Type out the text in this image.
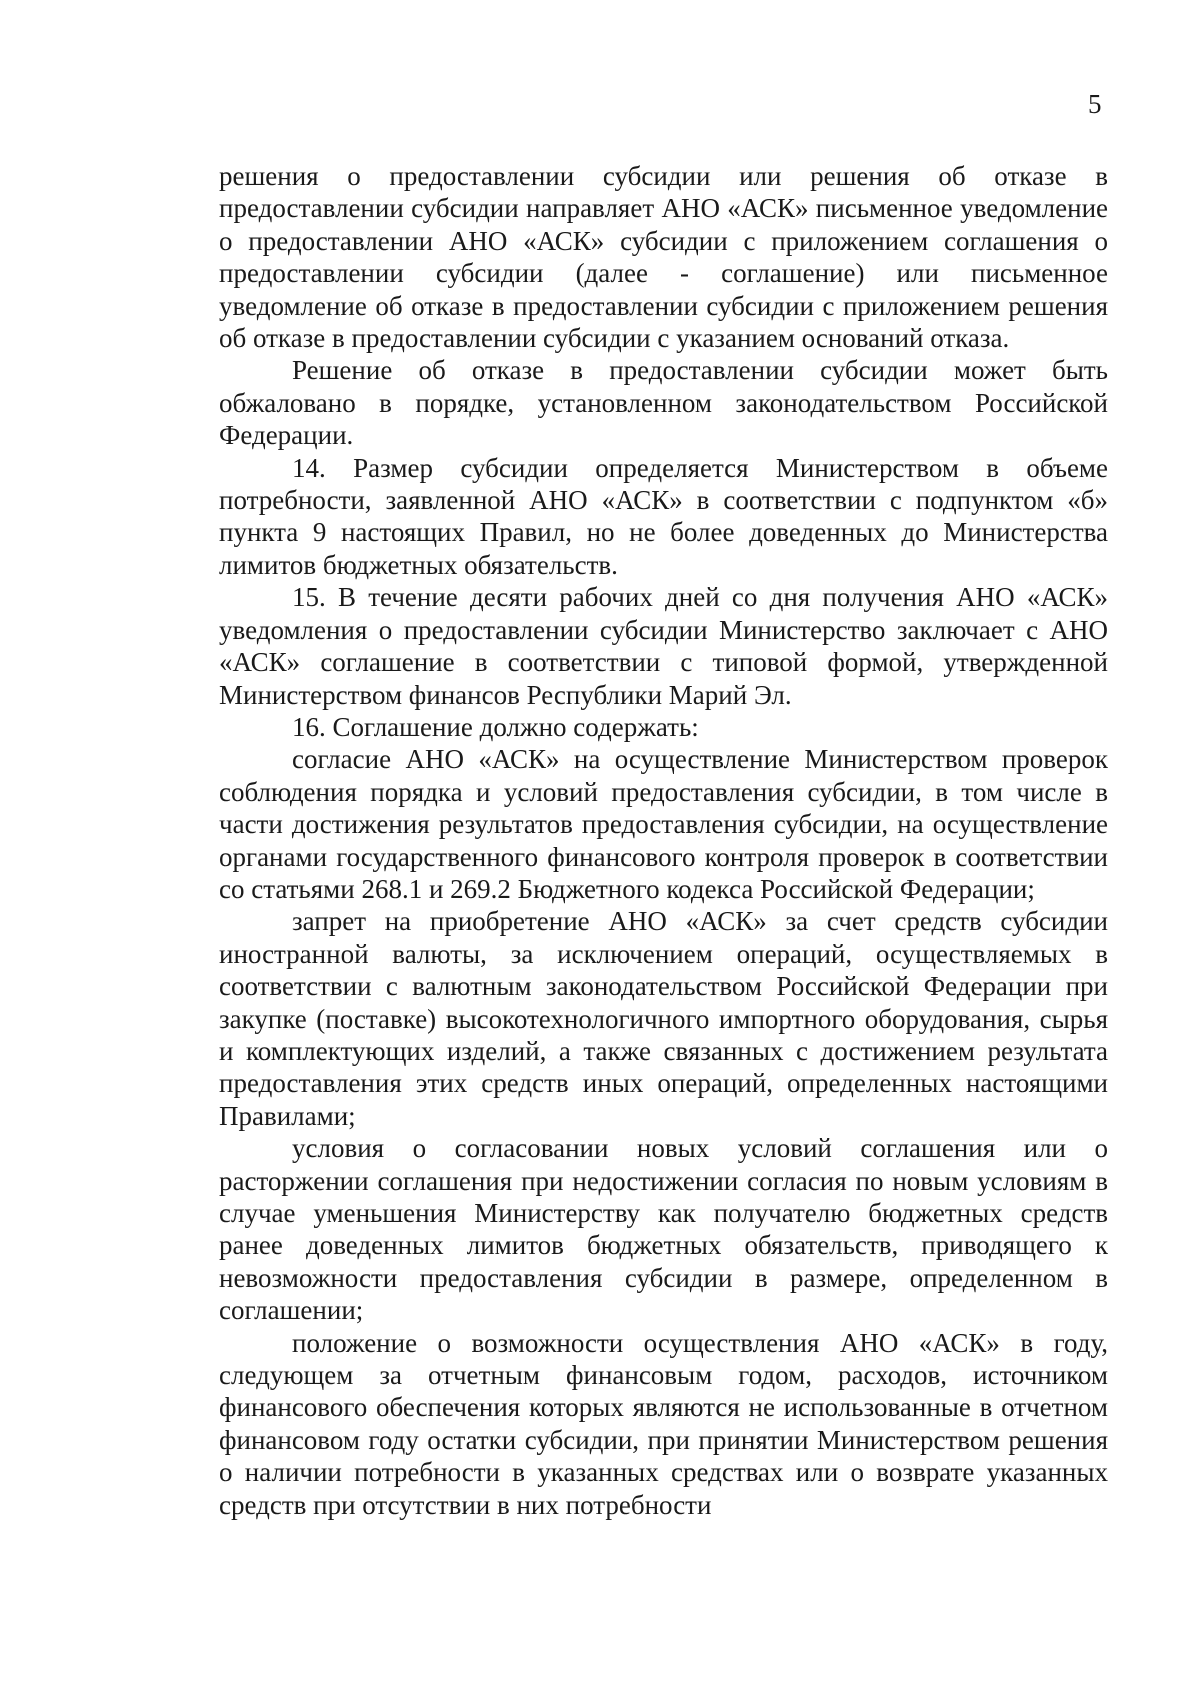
5

решения о предоставлении субсидии или решения об отказе в предоставлении субсидии направляет АНО «АСК» письменное уведомление о предоставлении АНО «АСК» субсидии с приложением соглашения о предоставлении субсидии (далее - соглашение) или письменное уведомление об отказе в предоставлении субсидии с приложением решения об отказе в предоставлении субсидии с указанием оснований отказа.

Решение об отказе в предоставлении субсидии может быть обжаловано в порядке, установленном законодательством Российской Федерации.

14. Размер субсидии определяется Министерством в объеме потребности, заявленной АНО «АСК» в соответствии с подпунктом «б» пункта 9 настоящих Правил, но не более доведенных до Министерства лимитов бюджетных обязательств.

15. В течение десяти рабочих дней со дня получения АНО «АСК» уведомления о предоставлении субсидии Министерство заключает с АНО «АСК» соглашение в соответствии с типовой формой, утвержденной Министерством финансов Республики Марий Эл.

16. Соглашение должно содержать:

согласие АНО «АСК» на осуществление Министерством проверок соблюдения порядка и условий предоставления субсидии, в том числе в части достижения результатов предоставления субсидии, на осуществление органами государственного финансового контроля проверок в соответствии со статьями 268.1 и 269.2 Бюджетного кодекса Российской Федерации;

запрет на приобретение АНО «АСК» за счет средств субсидии иностранной валюты, за исключением операций, осуществляемых в соответствии с валютным законодательством Российской Федерации при закупке (поставке) высокотехнологичного импортного оборудования, сырья и комплектующих изделий, а также связанных с достижением результата предоставления этих средств иных операций, определенных настоящими Правилами;

условия о согласовании новых условий соглашения или о расторжении соглашения при недостижении согласия по новым условиям в случае уменьшения Министерству как получателю бюджетных средств ранее доведенных лимитов бюджетных обязательств, приводящего к невозможности предоставления субсидии в размере, определенном в соглашении;

положение о возможности осуществления АНО «АСК» в году, следующем за отчетным финансовым годом, расходов, источником финансового обеспечения которых являются не использованные в отчетном финансовом году остатки субсидии, при принятии Министерством решения о наличии потребности в указанных средствах или о возврате указанных средств при отсутствии в них потребности
